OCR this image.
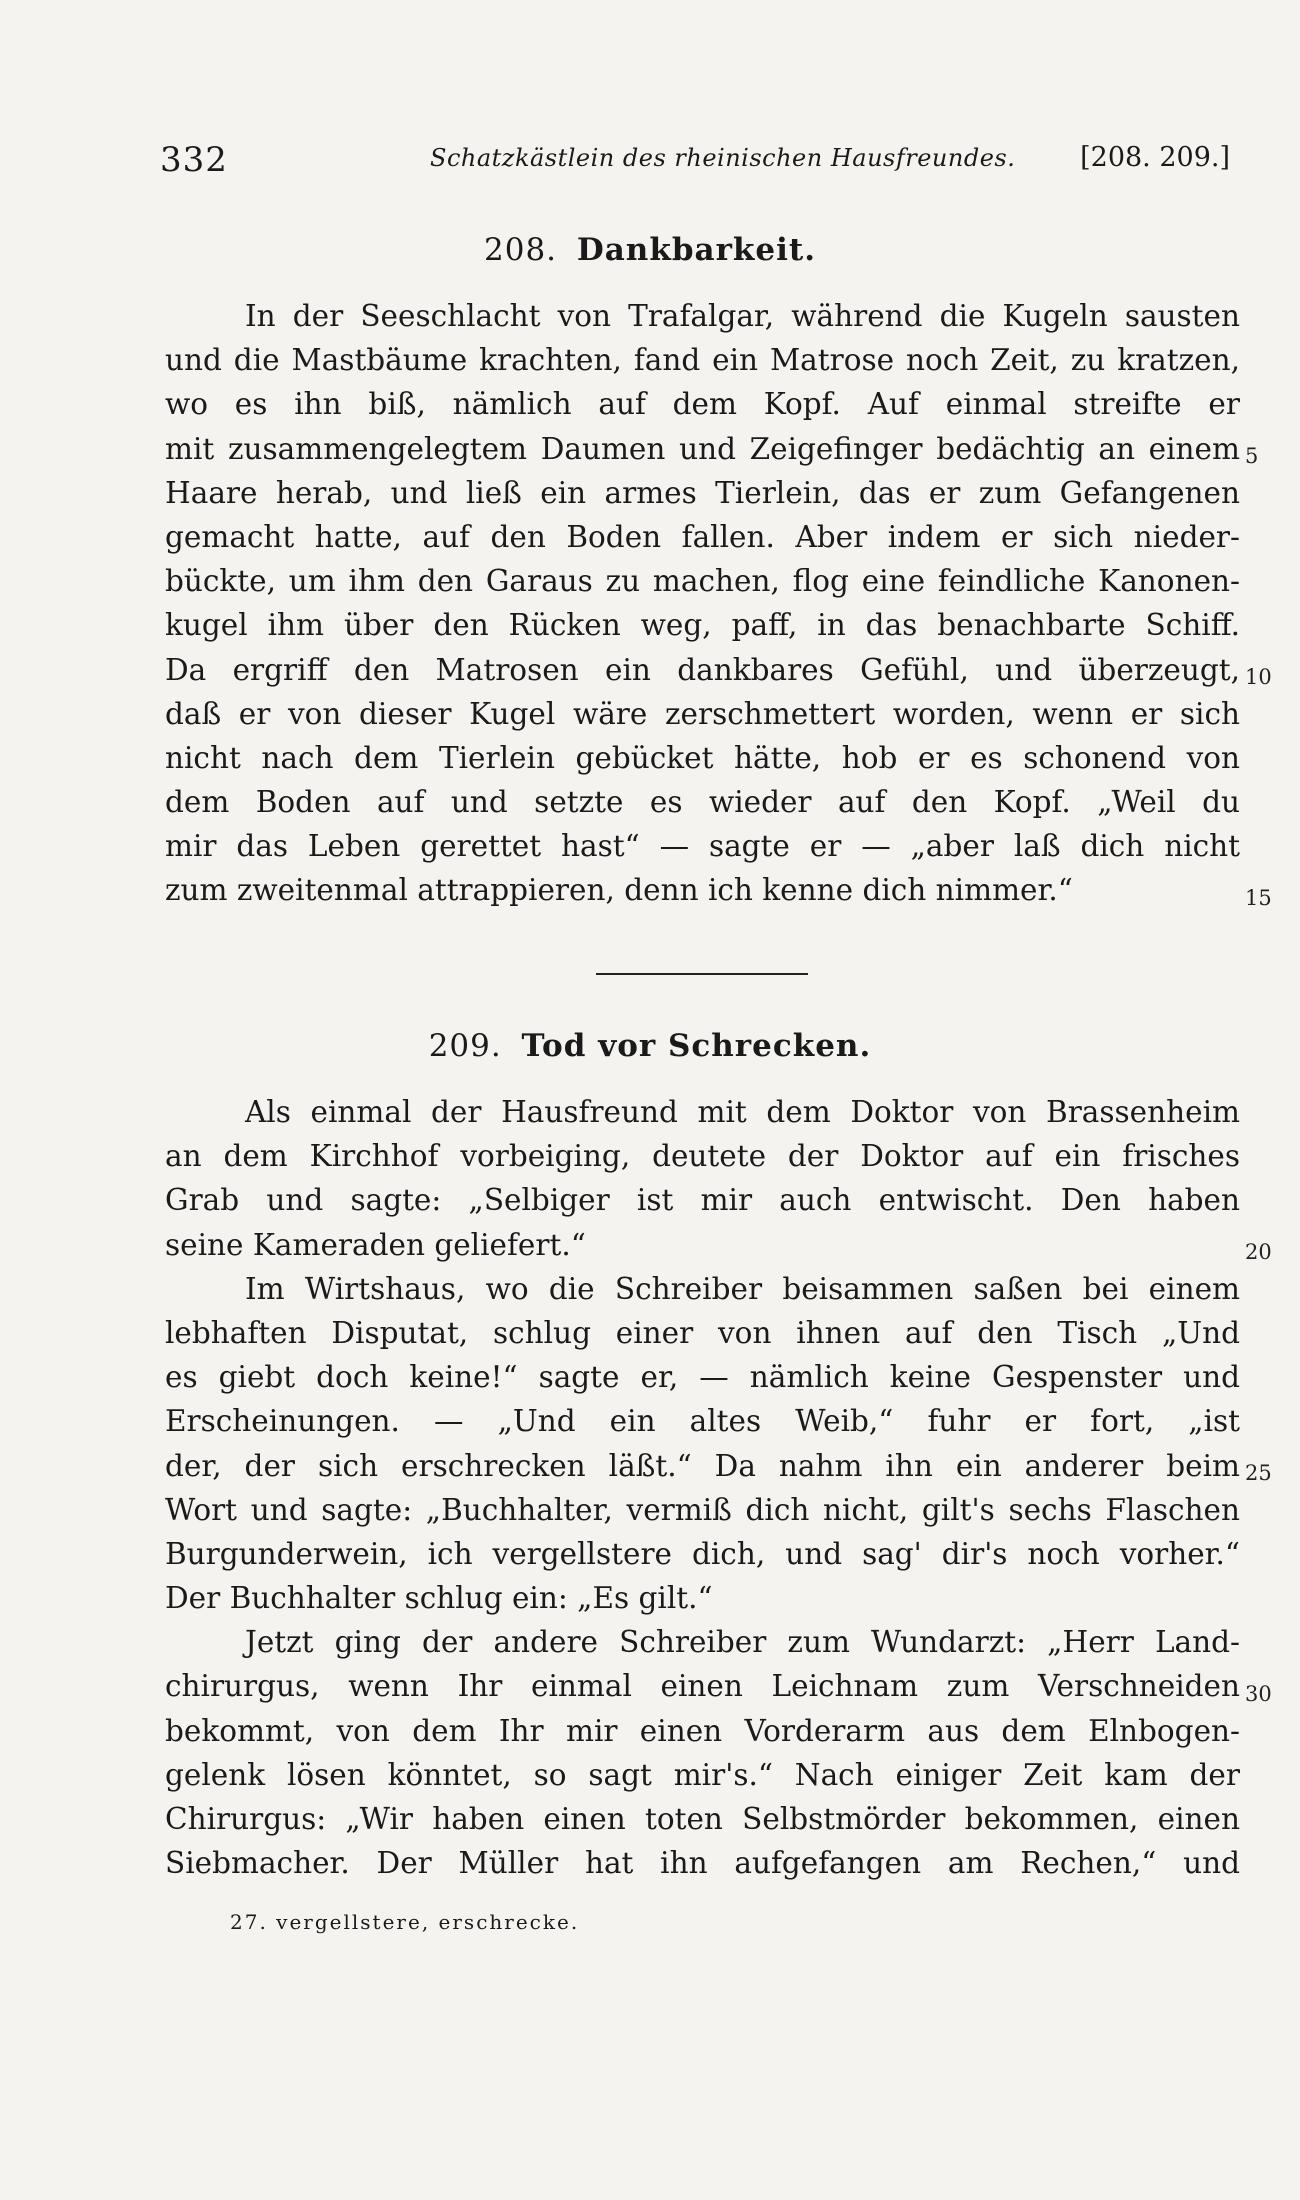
332	Schatzkästlein des rheinischen Hausfreundes. [208. 209.]
208. Dankbarkeit.
In der Seeschlacht von Trafalgar, während die Kugeln sausten
und die Mastbäume krachten, fand ein Matrose noch Zeit, zu kratzen,
wo es ihn biß, nämlich auf dem Kopf. Auf einmal streifte er
mit zusammengelegtem Daumen und Zeigefinger bedächtig an einem
Haare herab, und ließ ein armes Tierlein, das er zum Gefangenen
gemacht hatte, auf den Boden fallen. Aber indem er sich nieder-
bückte, um ihm den Garaus zu machen, flog eine feindliche Kanonen-
kugel ihm über den Rücken weg, paff, in das benachbarte Schiff.
Da ergriff den Matrosen ein dankbares Gefühl, und überzeugt,
daß er von dieser Kugel wäre zerschmettert worden, wenn er sich
nicht nach dem Tierlein gebücket hätte, hob er es schonend von
dem Boden auf und setzte es wieder auf den Kopf. „Weil du
mir das Leben gerettet hast“ — sagte er — „aber laß dich nicht
zum zweitenmal attrappieren, denn ich kenne dich nimmer.“
209. Tod vor Schrecken.
Als einmal der Hausfreund mit dem Doktor von Brassenheim
an dem Kirchhof vorbeiging, deutete der Doktor auf ein frisches
Grab und sagte: „Selbiger ist mir auch entwischt. Den haben
seine Kameraden geliefert.“
Im Wirtshaus, wo die Schreiber beisammen saßen bei einem
lebhaften Disputat, schlug einer von ihnen auf den Tisch „Und
es giebt doch keine!“ sagte er, — nämlich keine Gespenster und
Erscheinungen. — „Und ein altes Weib,“ fuhr er fort, „ist
der, der sich erschrecken läßt.“ Da nahm ihn ein anderer beim
Wort und sagte: „Buchhalter, vermiß dich nicht, gilt's sechs Flaschen
Burgunderwein, ich vergellstere dich, und sag' dir's noch vorher.“
Der Buchhalter schlug ein: „Es gilt.“
Jetzt ging der andere Schreiber zum Wundarzt: „Herr Land-
chirurgus, wenn Ihr einmal einen Leichnam zum Verschneiden
bekommt, von dem Ihr mir einen Vorderarm aus dem Elnbogen-
gelenk lösen könntet, so sagt mir's.“ Nach einiger Zeit kam der
Chirurgus: „Wir haben einen toten Selbstmörder bekommen, einen
Siebmacher. Der Müller hat ihn aufgefangen am Rechen,“ und
5
10
15
20
25
30
27. vergellstere, erschrecke.
